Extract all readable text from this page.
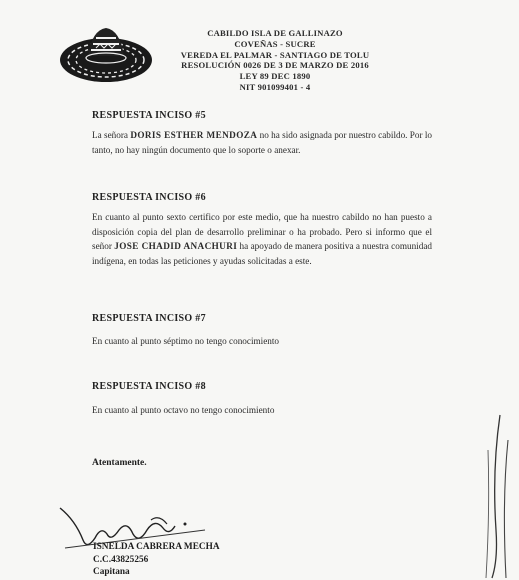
CABILDO ISLA DE GALLINAZO
COVEÑAS - SUCRE
VEREDA EL PALMAR - SANTIAGO DE TOLU
RESOLUCIÓN 0026 DE 3 DE MARZO DE 2016
LEY 89 DEC 1890
NIT 901099401 - 4
RESPUESTA INCISO #5
La señora DORIS ESTHER MENDOZA no ha sido asignada por nuestro cabildo. Por lo tanto, no hay ningún documento que lo soporte o anexar.
RESPUESTA INCISO #6
En cuanto al punto sexto certifico por este medio, que ha nuestro cabildo no han puesto a disposición copia del plan de desarrollo preliminar o ha probado. Pero si informo que el señor JOSE CHADID ANACHURI ha apoyado de manera positiva a nuestra comunidad indígena, en todas las peticiones y ayudas solicitadas a este.
RESPUESTA INCISO #7
En cuanto al punto séptimo no tengo conocimiento
RESPUESTA INCISO #8
En cuanto al punto octavo no tengo conocimiento
Atentamente.
ISNELDA CABRERA MECHA
C.C.43825256
Capitana
